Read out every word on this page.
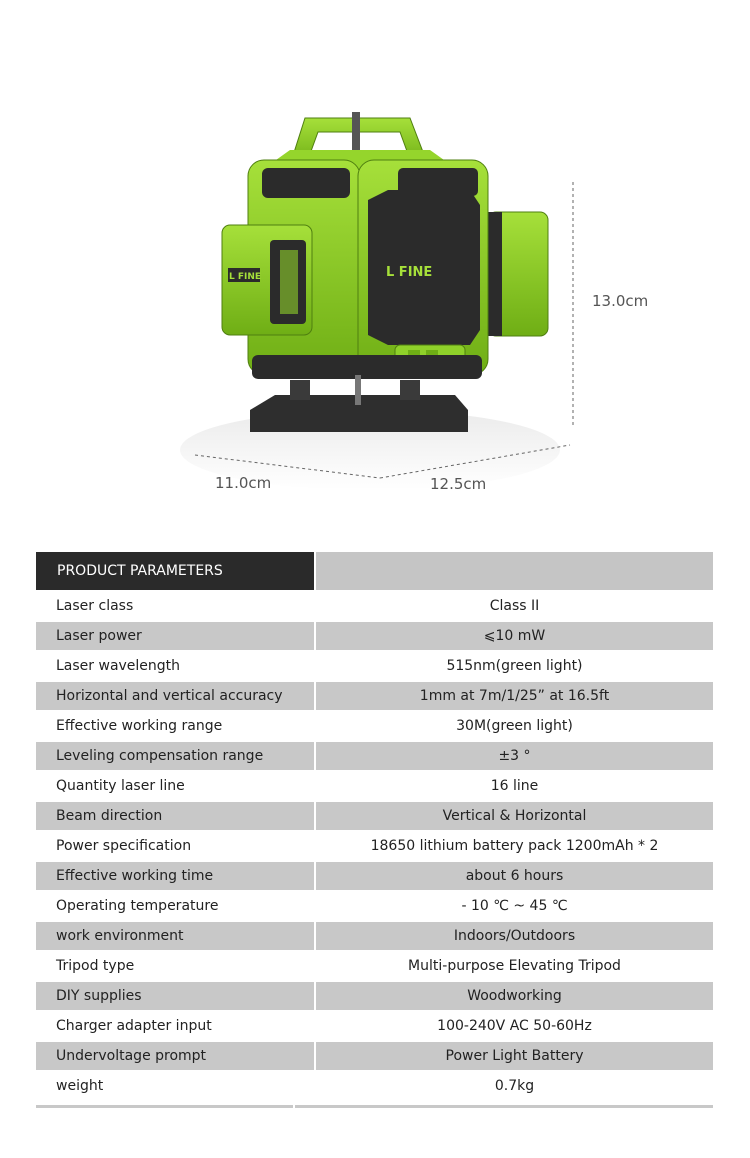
L FINE
L FINE
13.0cm
11.0cm	12.5cm
PRODUCT PARAMETERS
Laser class	Class II
Laser power	⩽10 mW
Laser wavelength	515nm(green light)
Horizontal and vertical accuracy	1mm at 7m/1/25” at 16.5ft
Effective working range	30M(green light)
Leveling compensation range	±3 °
Quantity laser line	16 line
Beam direction	Vertical & Horizontal
Power specification	18650 lithium battery pack 1200mAh * 2
Effective working time	about 6 hours
Operating temperature	- 10 ℃ ~ 45 ℃
work environment	Indoors/Outdoors
Tripod type	Multi-purpose Elevating Tripod
DIY supplies	Woodworking
Charger adapter input	100-240V AC 50-60Hz
Undervoltage prompt	Power Light Battery
weight	0.7kg
